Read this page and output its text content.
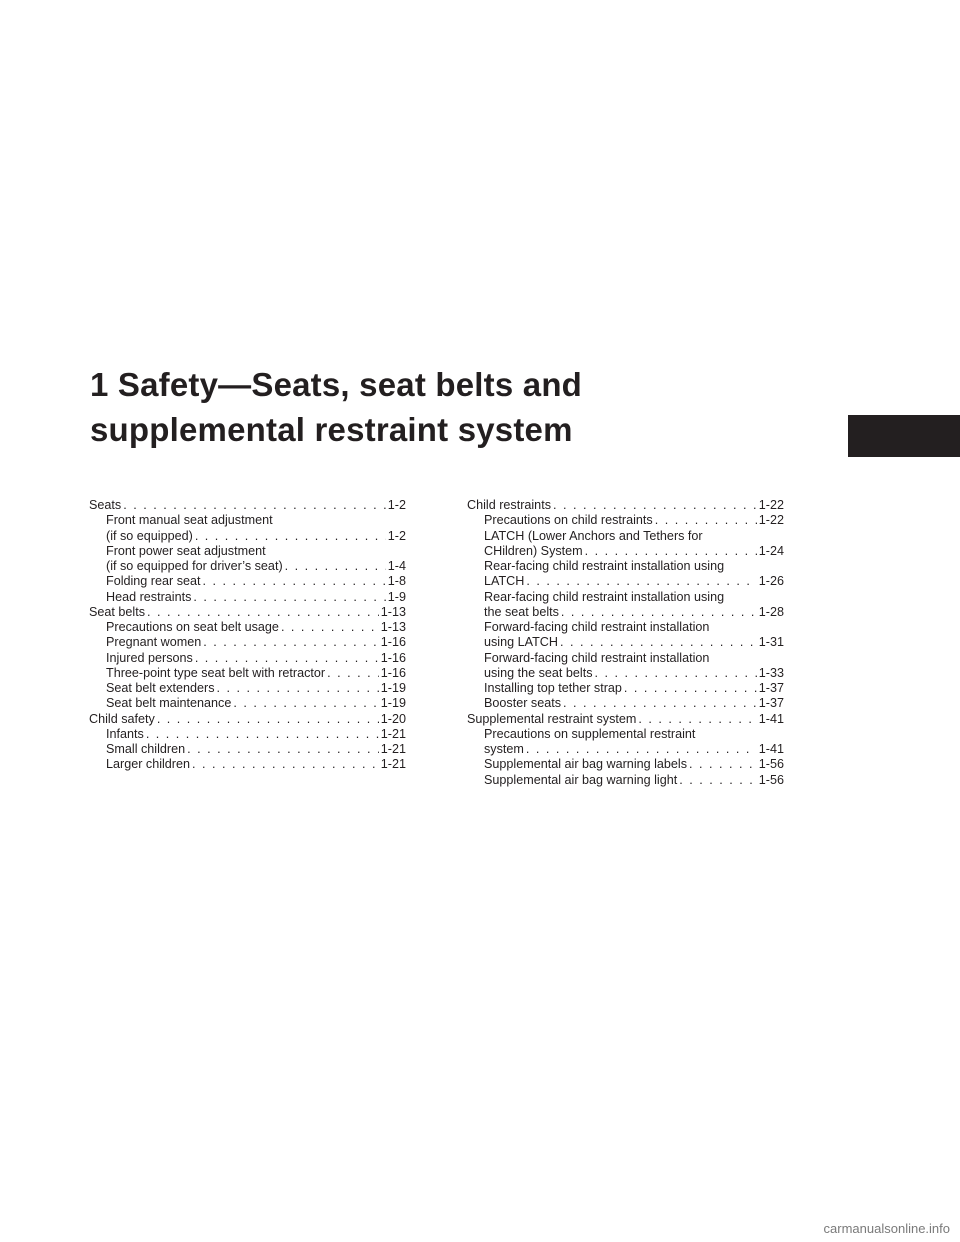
1 Safety—Seats, seat belts and
supplemental restraint system
Seats . . .	1-2
Front manual seat adjustment
(if so equipped) . . .	1-2
Front power seat adjustment
(if so equipped for driver’s seat) . . .	1-4
Folding rear seat . . .	1-8
Head restraints . . .	1-9
Seat belts . . .	1-13
Precautions on seat belt usage . . .	1-13
Pregnant women . . .	1-16
Injured persons . . .	1-16
Three-point type seat belt with retractor . . .	1-16
Seat belt extenders . . .	1-19
Seat belt maintenance . . .	1-19
Child safety . . .	1-20
Infants . . .	1-21
Small children . . .	1-21
Larger children . . .	1-21
Child restraints . . .	1-22
Precautions on child restraints . . .	1-22
LATCH (Lower Anchors and Tethers for
CHildren) System . . .	1-24
Rear-facing child restraint installation using
LATCH . . .	1-26
Rear-facing child restraint installation using
the seat belts . . .	1-28
Forward-facing child restraint installation
using LATCH . . .	1-31
Forward-facing child restraint installation
using the seat belts . . .	1-33
Installing top tether strap . . .	1-37
Booster seats . . .	1-37
Supplemental restraint system . . .	1-41
Precautions on supplemental restraint
system . . .	1-41
Supplemental air bag warning labels . . .	1-56
Supplemental air bag warning light . . .	1-56
carmanualsonline.info
